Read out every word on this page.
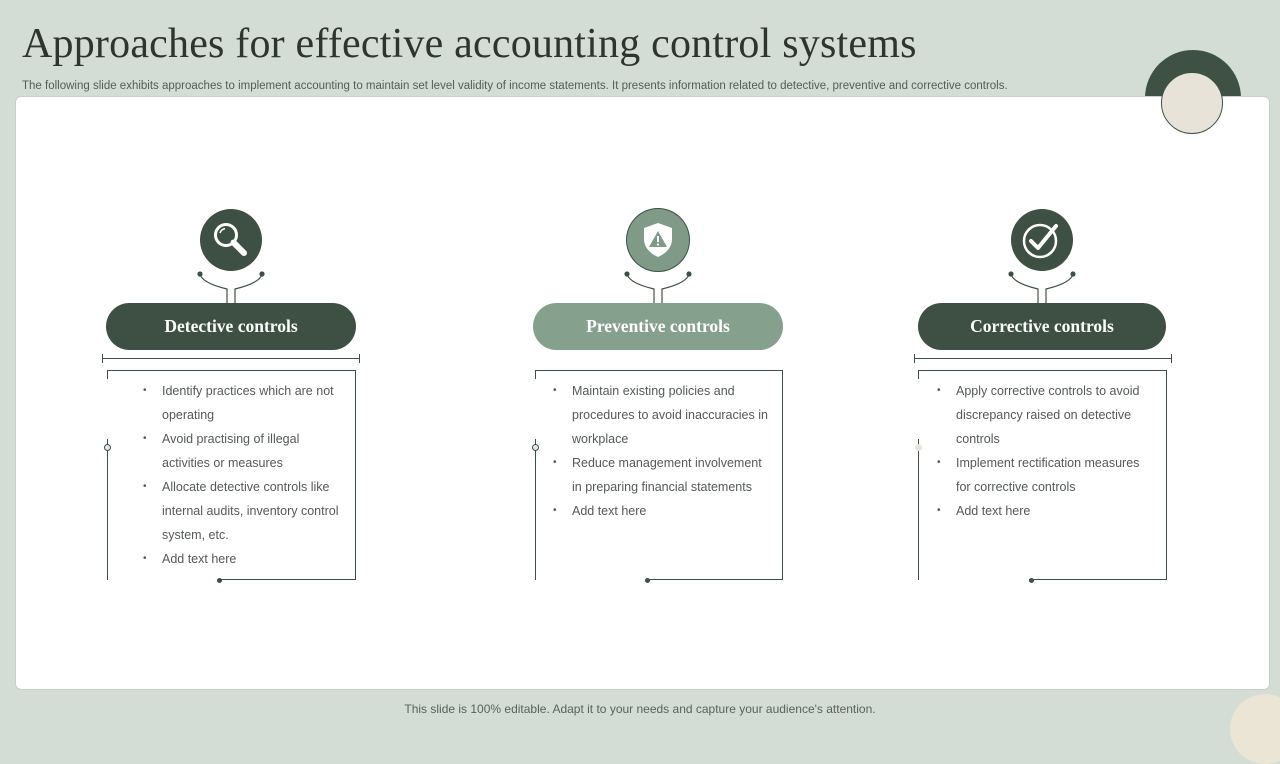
Approaches for effective accounting control systems

The following slide exhibits approaches to implement accounting to maintain set level validity of income statements. It presents information related to detective, preventive and corrective controls.

Detective controls
• Identify practices which are not operating
• Avoid practising of illegal activities or measures
• Allocate detective controls like internal audits, inventory control system, etc.
• Add text here
Preventive controls
• Maintain existing policies and procedures to avoid inaccuracies in workplace
• Reduce management involvement in preparing financial statements
• Add text here
Corrective controls
• Apply corrective controls to avoid discrepancy raised on detective controls
• Implement rectification measures for corrective controls
• Add text here

This slide is 100% editable. Adapt it to your needs and capture your audience's attention.
